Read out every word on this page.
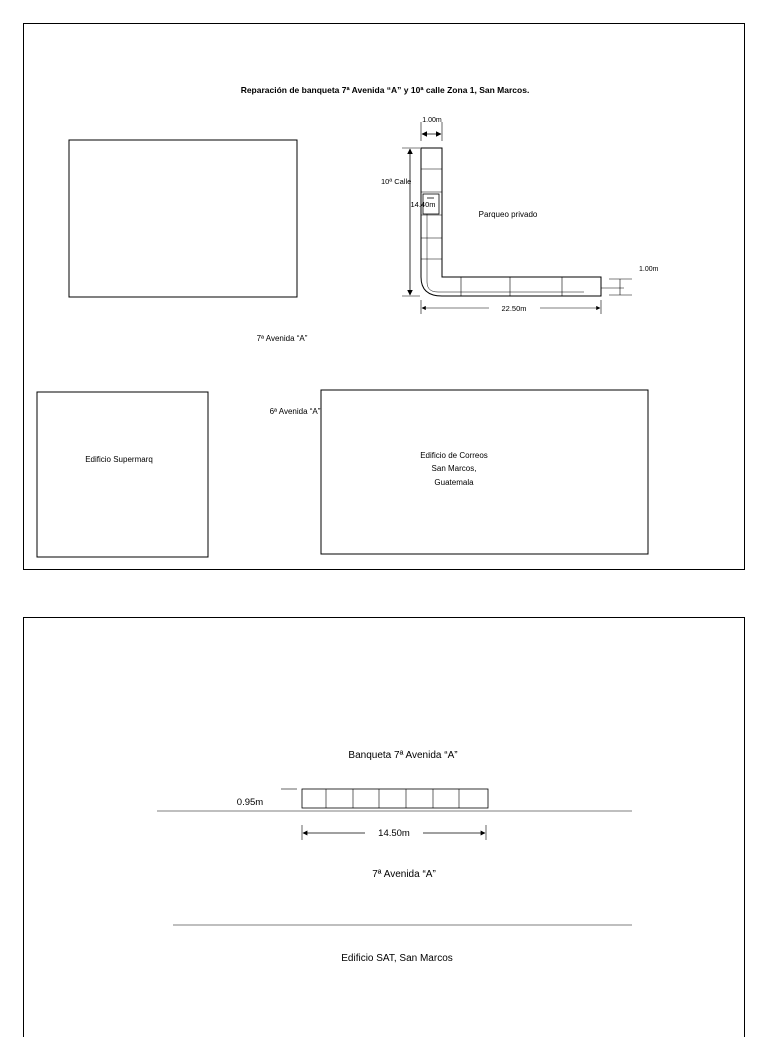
Reparación de banqueta 7ª Avenida “A” y 10ª calle Zona 1, San Marcos.
1.00m
10ª Calle
14.40m
Parqueo privado
1.00m
22.50m
7ª Avenida “A”
Edificio Supermarq
6ª Avenida “A”
Edificio de Correos
San Marcos,
Guatemala
Banqueta 7ª Avenida “A”
0.95m
14.50m
7ª Avenida “A”
Edificio SAT, San Marcos
